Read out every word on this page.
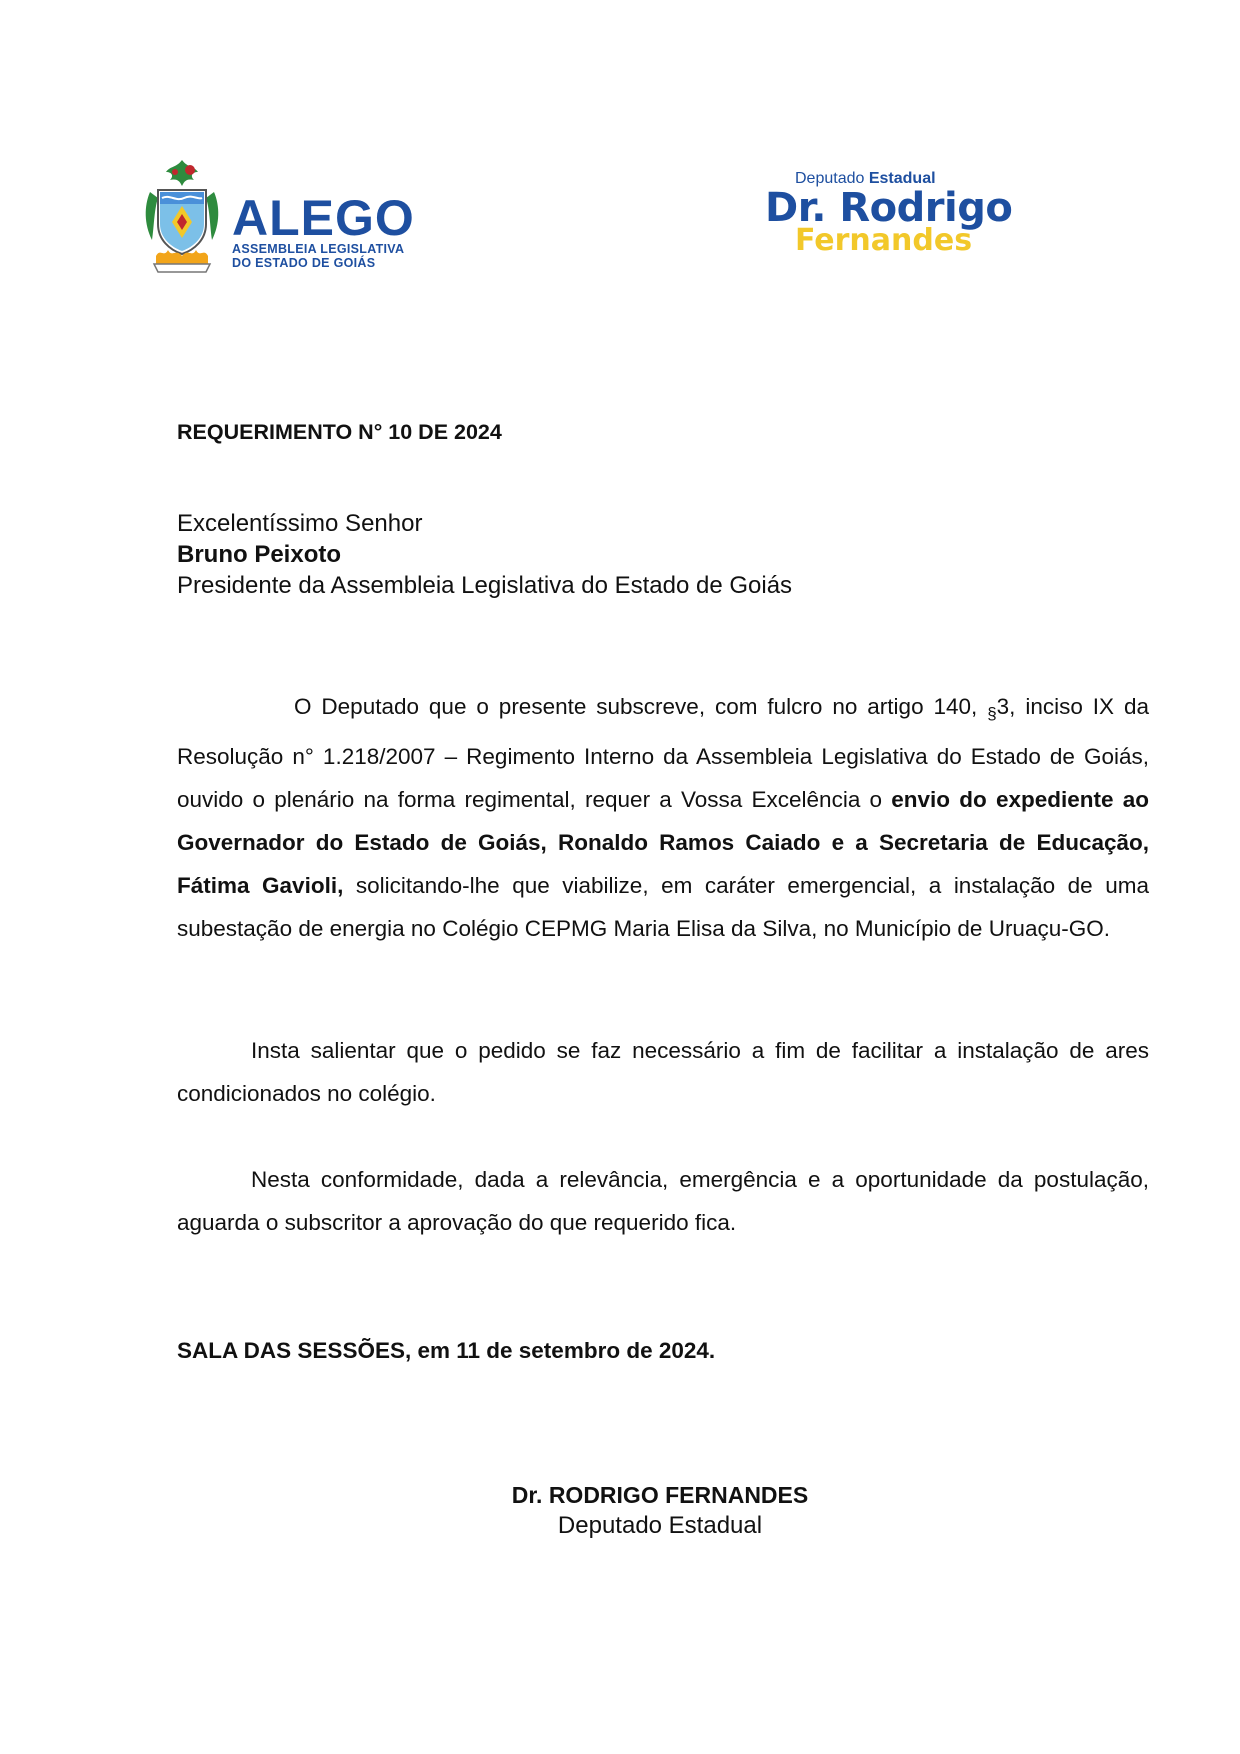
ALEGO
ASSEMBLEIA LEGISLATIVA
DO ESTADO DE GOIÁS
Deputado Estadual
Dr. Rodrigo
Fernandes
REQUERIMENTO N° 10 DE 2024
Excelentíssimo Senhor
Bruno Peixoto
Presidente da Assembleia Legislativa do Estado de Goiás

O Deputado que o presente subscreve, com fulcro no artigo 140, $_\S$3, inciso IX da Resolução n° 1.218/2007 – Regimento Interno da Assembleia Legislativa do Estado de Goiás, ouvido o plenário na forma regimental, requer a Vossa Excelência o envio do expediente ao Governador do Estado de Goiás, Ronaldo Ramos Caiado e a Secretaria de Educação, Fátima Gavioli, solicitando-lhe que viabilize, em caráter emergencial, a instalação de uma subestação de energia no Colégio CEPMG Maria Elisa da Silva, no Município de Uruaçu-GO.

Insta salientar que o pedido se faz necessário a fim de facilitar a instalação de ares condicionados no colégio.

Nesta conformidade, dada a relevância, emergência e a oportunidade da postulação, aguarda o subscritor a aprovação do que requerido fica.

SALA DAS SESSÕES, em 11 de setembro de 2024.
Dr. RODRIGO FERNANDES
Deputado Estadual
